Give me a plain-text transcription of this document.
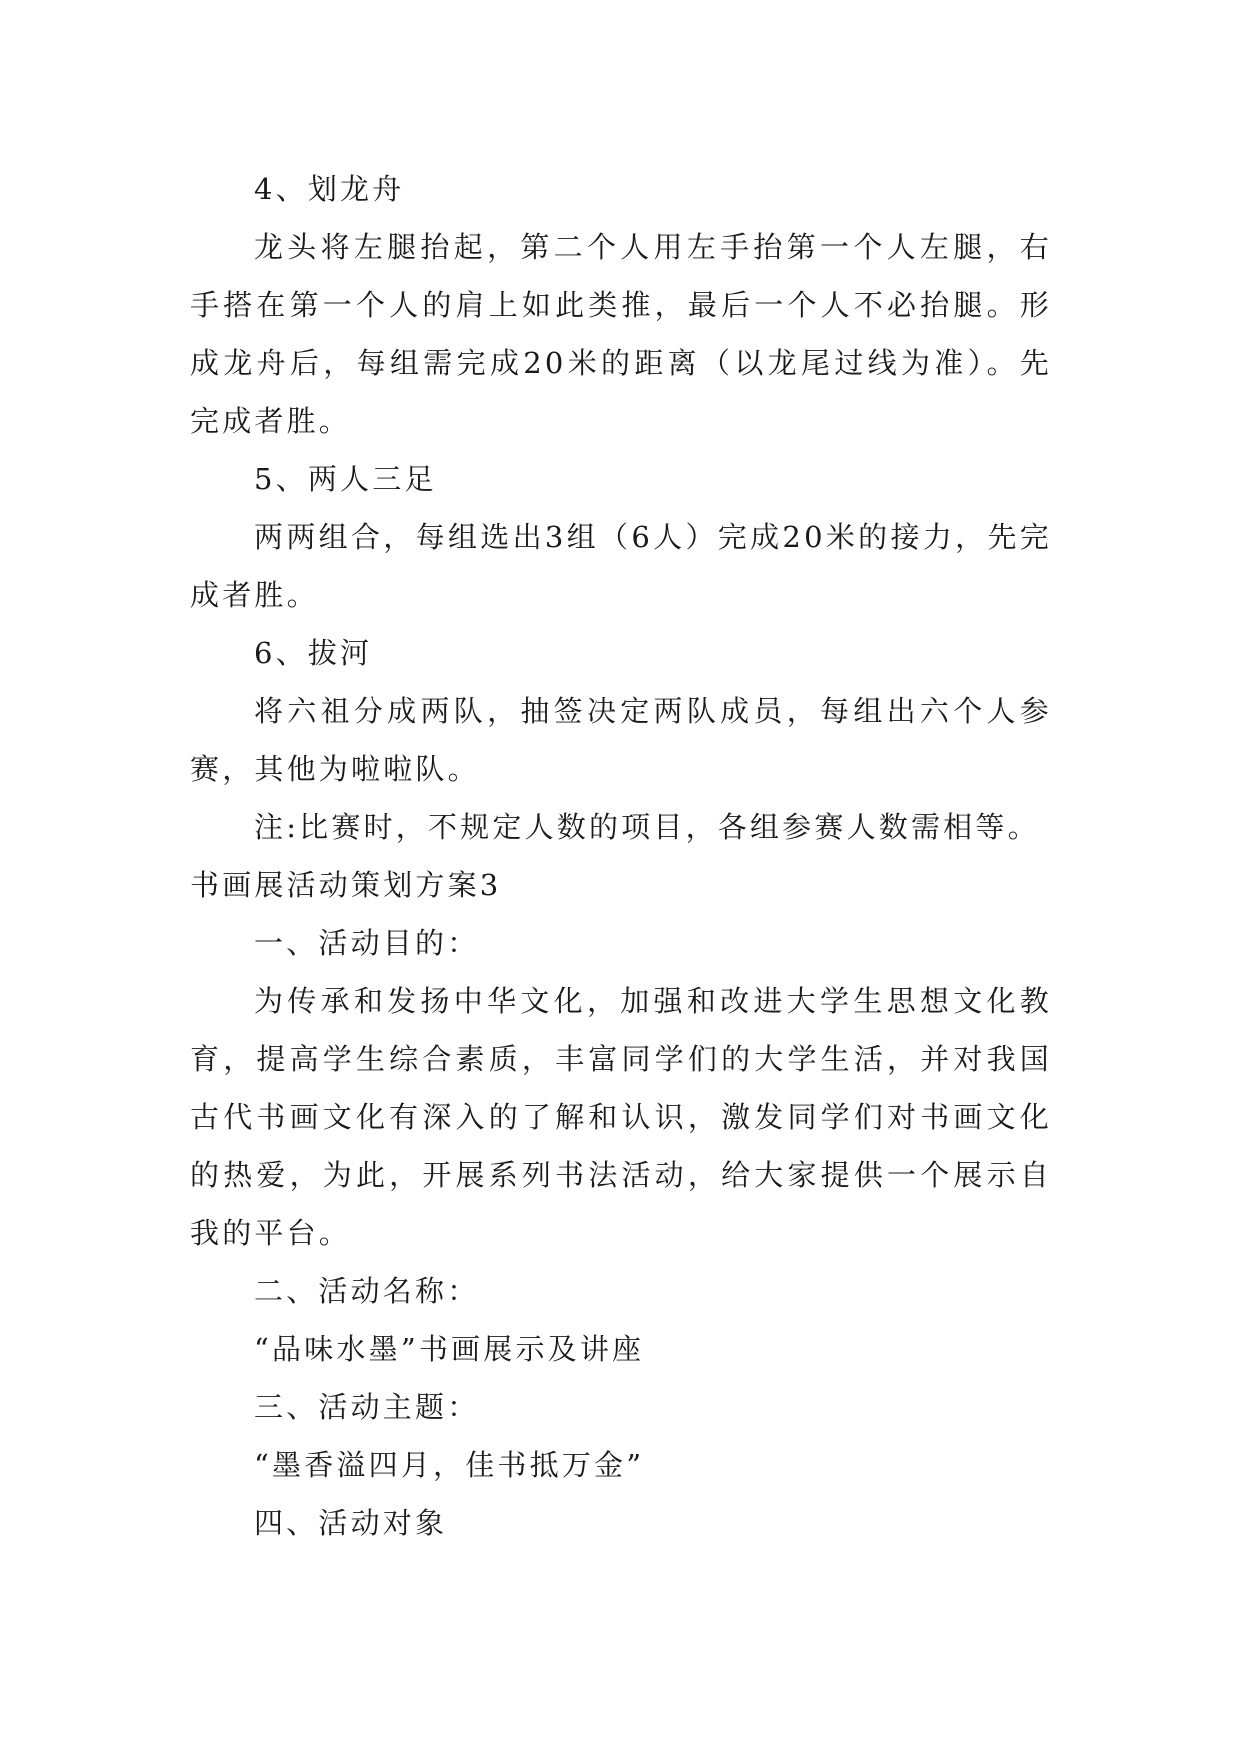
4、划龙舟

龙头将左腿抬起，第二个人用左手抬第一个人左腿，右手搭在第一个人的肩上如此类推，最后一个人不必抬腿。形成龙舟后，每组需完成20米的距离（以龙尾过线为准）。先完成者胜。

5、两人三足

两两组合，每组选出3组（6人）完成20米的接力，先完成者胜。

6、拔河

将六祖分成两队，抽签决定两队成员，每组出六个人参赛，其他为啦啦队。

注:比赛时，不规定人数的项目，各组参赛人数需相等。

书画展活动策划方案3

一、活动目的：

为传承和发扬中华文化，加强和改进大学生思想文化教育，提高学生综合素质，丰富同学们的大学生活，并对我国古代书画文化有深入的了解和认识，激发同学们对书画文化的热爱，为此，开展系列书法活动，给大家提供一个展示自我的平台。

二、活动名称：

“品味水墨”书画展示及讲座

三、活动主题：

“墨香溢四月，佳书抵万金”

四、活动对象
